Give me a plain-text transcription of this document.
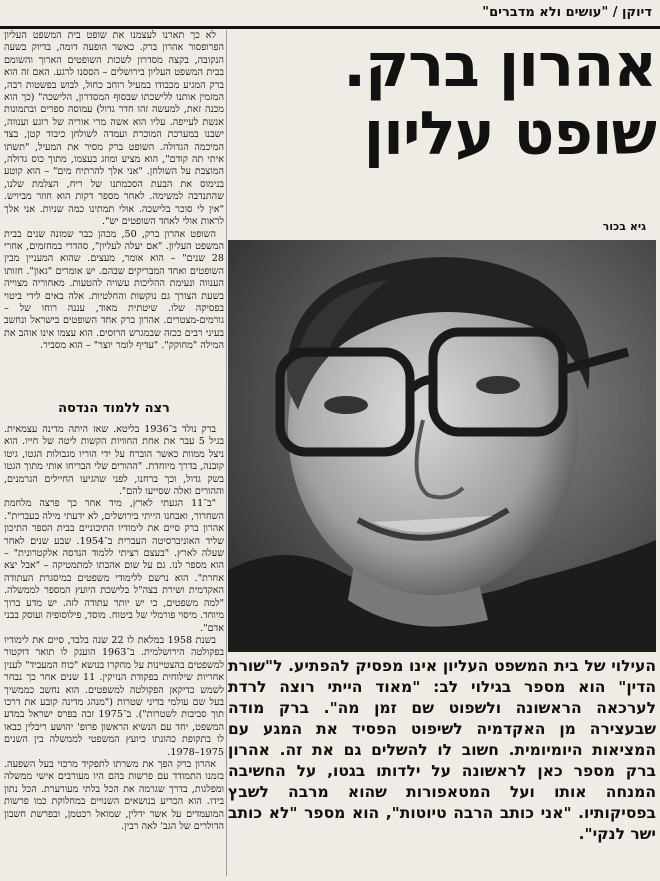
דיוקן / "עושים ולא מדברים"
אהרון ברק.
שופט עליון
גיא בכור
העילוי של בית המשפט העליון אינו מפסיק להפתיע. ל"שורת הדין" הוא מספר בגילוי לב: "מאוד הייתי רוצה לרדת לערכאה הראשונה ולשפוט שם זמן מה". ברק מודה שבעצירה מן האקדמיה לשיפוט הפסיד את המגע עם המציאות היומיומית. חשוב לו להשלים גם את זה. אהרון ברק מספר כאן לראשונה על ילדותו בגטו, על החשיבה המנחה אותו ועל המטאפורות שהוא מרבה לשבץ בפסיקותיו. "אני כותב הרבה טיוטות", הוא מספר "לא כותב ישר לנקי".

לא כך תארנו לעצמנו את שופט בית המשפט העליון הפרופסור אהרון ברק. כאשר הופעה דומה, בדיוק בשעה הנקובה, בקצה מסדרון לשכות השופטים הארוך והשומם בבית המשפט העליון בירושלים – הססנו לרגע. האם זה הוא ברק המגיע מכבודו במעיל רוחב כחול, לבוש בפשטות רבה, המזמין אותנו ללישכתו שבסוף המסדרון, הלישכה" (כך הוא מכנה זאת, למעשה זהו חדר גדול) עמוסה ספרים ובתמונות אנשת לעייפה. עליו הוא אשה מרי אוריה של רוגע וענווה, ישבנו במערכת המוכרת ועמדה לשולחן כיבוד קטן, בצד המיכמה הגדולה. השופט ברק מסיר את המעיל, "תשתו איתי תה קודם", הוא מציע ומוזג בעצמו, מתוך כוס גדולה, המוצבת על השולחן. "אני אלך להרתיח מים" – הוא קוטע בנימוס את הבעת הסכמתנו של ריח, הצלמת שלנו, שהתנדבה למשימה. לאחר מספר דקות הוא חוזר מביויש. "אין לי סוכר בלישכה. אולי תמתינו כמה שניות. אני אלך לראות אולי לאחד השופטים יש".

השופט אהרון ברק, 50, מכהן כבר שמונה שנים בבית המשפט העליון. "אם יעלה לעליון", סהדרי במחזמים, אחרי 28 שנים" – הוא אומר, מעצים. שהוא המעניין מבין השופטים ואחד המבריקים שבהם. יש אומרים "גאון". חזותו הענווה ונעימת ההליכות עשויה להטעות. מאחוריה מצוייה בשעת הצורך גם נוקשות והחלטיות. אלה באים לידי ביטוי בפסיקה שלו. שיטתית מאוד, עננה רוחו של – גורמים-מצטרים. אהרון ברק אחד השופטים בישראל ונחשב בעיני רבים ככזה שבמגרש הרוסים. הוא עצמו אינו אוהב את המילה "מחוקק". "עדיף לומר יוצר" – הוא מסביר.

רצה ללמוד הנדסה

ברק נולד ב־1936 בליטא. שאז היתה מדינה עצמאית. בגיל 5 עבר את אחת החוויות הקשות ליטה של חייו. הוא ניצל ממוות כאשר הוברח על ידי הוריו מגבולות הגטו, גיטו קובנה, בדרך מיוחדת. "ההורים שלי הבריחו אותי מתוך הגטו בשק גדול, וכך ברחנו, לפני שהגיעו החיילים הגרמנים, וההורים ואלה שסייעו להם".

"ב־11 הגעתי לארץ, מיד אחר כך פרצה מלחמת השחרור, ואבחנו הייתי בירושלים, לא ידעתי מילה בעברית". אהרון ברק סיים את לימודיו התיכוניים בבית הספר התיכון שליד האוניברסיטה העברית ב־1954. שבע שנים לאחר שעלה לארץ. "בעצם רציתי ללמוד הנדסה אלקטרונית" – הוא מספר לנו. גם על שום אהבתו למתמטיקה – "אבל יצא אחרת". הוא נרשם ללימודי משפטים במיסגרת העתודה האקדמית ושירת בצה"ל בלישכת היועץ המספר לממשלה. "למה משפטים, כי יש יותר עתודה לזה. יש מדע ברוך מיוחד. מיסוי פורמלי של ביטוח. מוסד, פילוסופיה ועוסק בבני אדם".

בשנת 1958 במלאת לו 22 שנה בלבד, סיים את לימודיו בפקולטה הירושלמית. ב־1963 הוענק לו תואר דוקטור למשפטים בהצטיינות על מחקרו בנושא "כוח המעביד" לענין אחריות שילוחית בפקודת הנזיקין. 11 שנים אחר כך נבחר לשמש כדיקאן הפקולטה למשפטים. הוא נחשב כממשיך בעל שם עולמי בדיני שטרות ("מנהג מדינה קובע את דרכו תוך סביבות לשטרות"). ב־1975 זכה בפרס ישראל במדע המשפט, יחד עם הנשיא הראשון פרופ' יהושע ריבלין כבאו לו בתקופת כהונתו כיועץ המשפטי לממשלה בין השנים 1975–1978.

אהרון ברק הפך את משרתו לתפקיד מרכזי בעל השפעה. בזמנו התמודד עם פרשות בהם היו מעורבים אישי ממשלה ומפלגות, בדרך שגרמה את הכל בלתי מעורערת. הכל נתון בידו. הוא הכריע בנושאים השנויים במחלוקת כמו פרשות המועמדים על אשר ידלין, שמואל רכטמן, ובפרשת חשבון הדולרים של הגב' לאה רבין.
